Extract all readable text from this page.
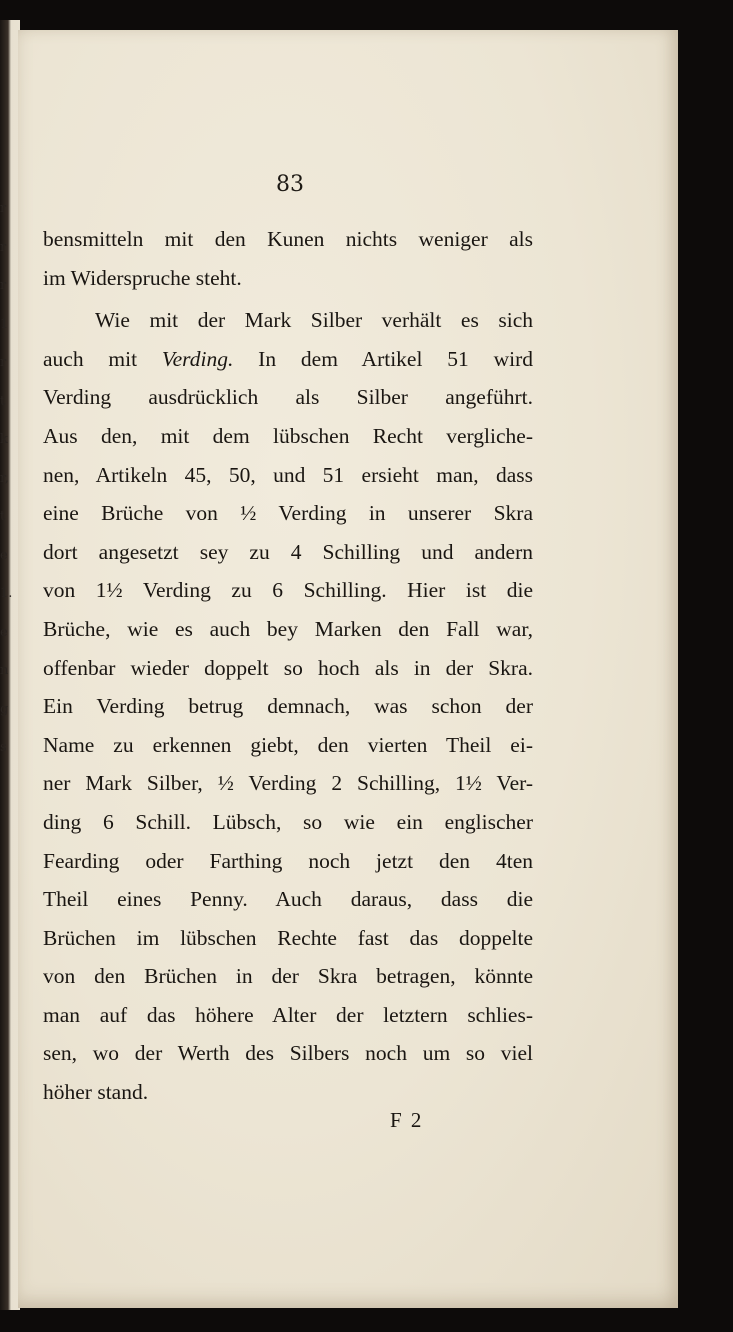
r
r
r
1
r
t
k
r,
t
e
1.
e
n
g
s
83
bensmitteln mit den Kunen nichts weniger als
im Widerspruche steht.
Wie mit der Mark Silber verhält es sich
auch mit Verding. In dem Artikel 51 wird
Verding ausdrücklich als Silber angeführt.
Aus den, mit dem lübschen Recht vergliche-
nen, Artikeln 45, 50, und 51 ersieht man, dass
eine Brüche von ½ Verding in unserer Skra
dort angesetzt sey zu 4 Schilling und andern
von 1½ Verding zu 6 Schilling. Hier ist die
Brüche, wie es auch bey Marken den Fall war,
offenbar wieder doppelt so hoch als in der Skra.
Ein Verding betrug demnach, was schon der
Name zu erkennen giebt, den vierten Theil ei-
ner Mark Silber, ½ Verding 2 Schilling, 1½ Ver-
ding 6 Schill. Lübsch, so wie ein englischer
Fearding oder Farthing noch jetzt den 4ten
Theil eines Penny. Auch daraus, dass die
Brüchen im lübschen Rechte fast das doppelte
von den Brüchen in der Skra betragen, könnte
man auf das höhere Alter der letztern schlies-
sen, wo der Werth des Silbers noch um so viel
höher stand.
F 2
